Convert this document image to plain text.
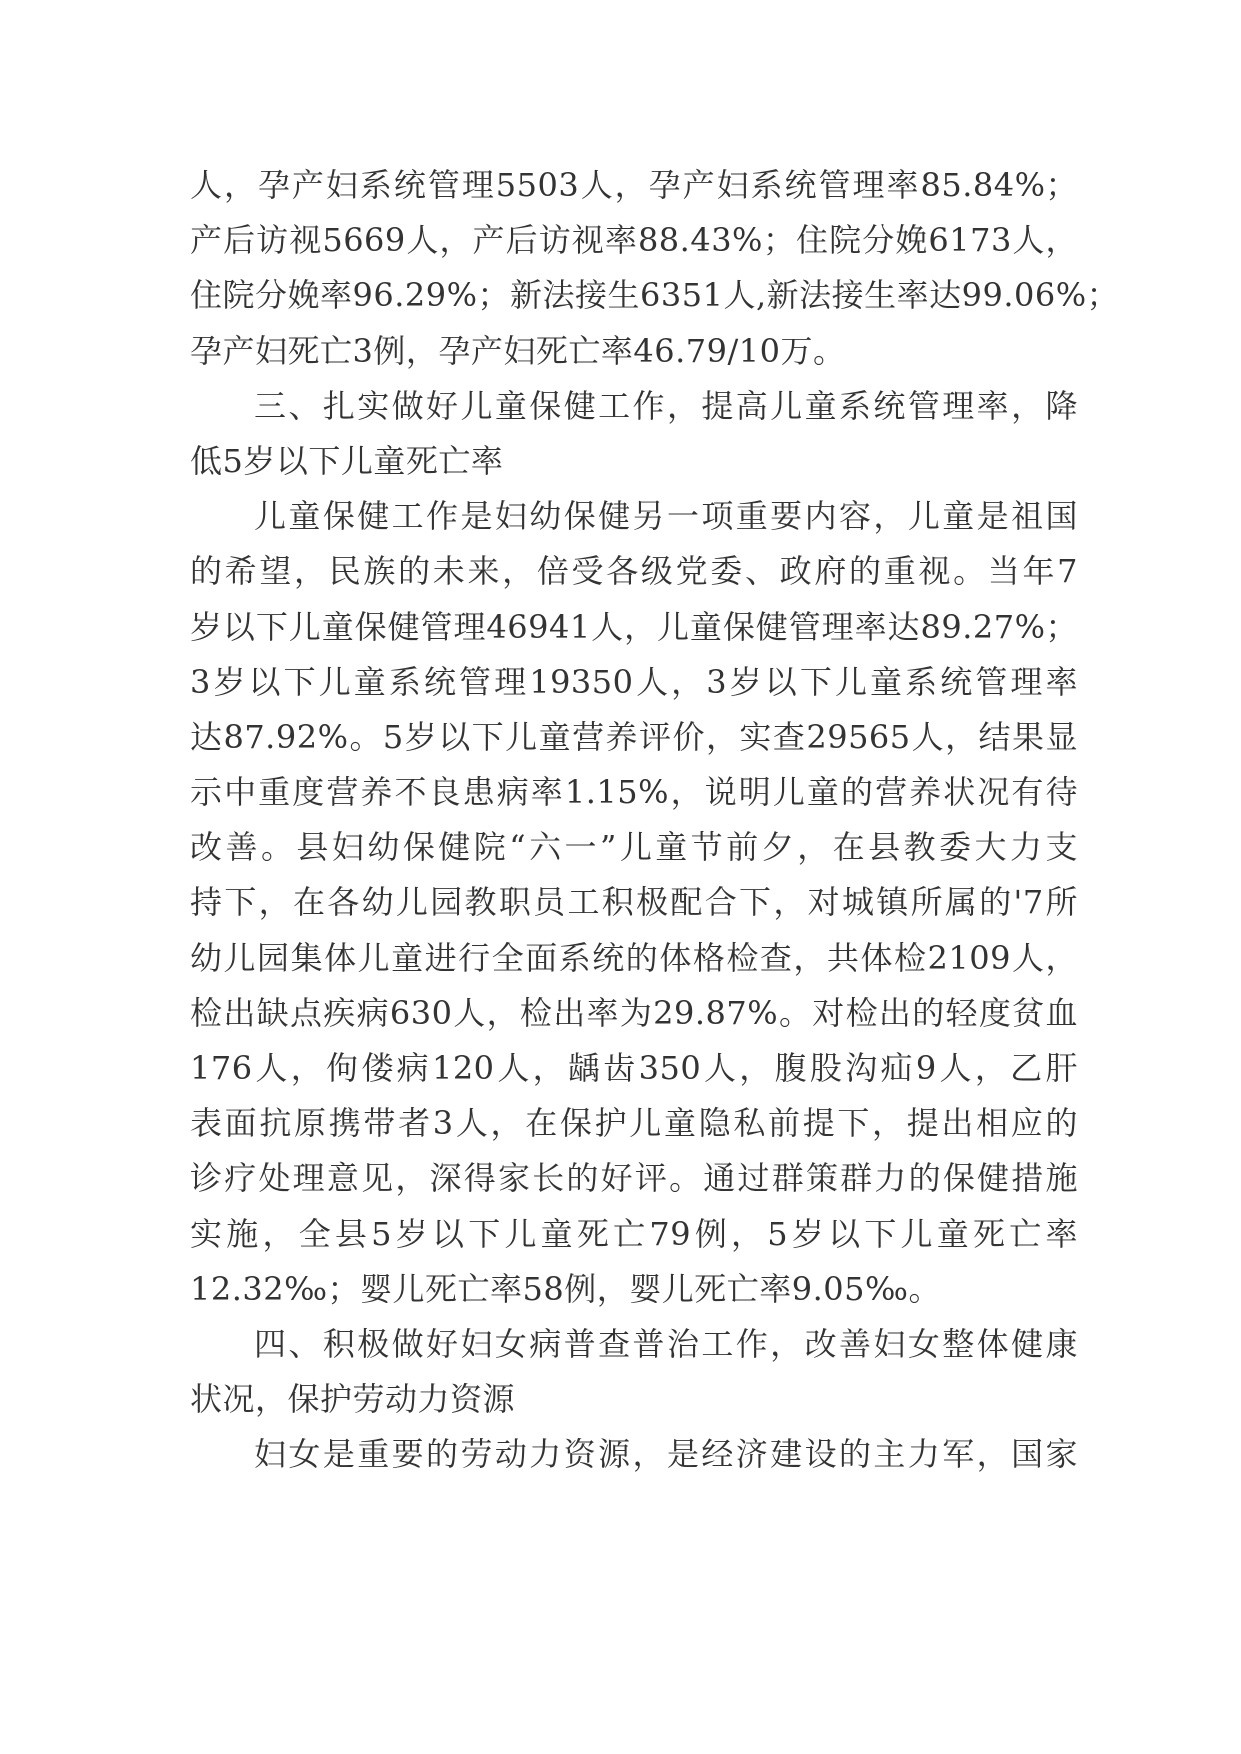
人，孕产妇系统管理5503人，孕产妇系统管理率85.84%；
产后访视5669人，产后访视率88.43%；住院分娩6173人，
住院分娩率96.29%；新法接生6351人,新法接生率达99.06%；
孕产妇死亡3例，孕产妇死亡率46.79/10万。
三、扎实做好儿童保健工作，提高儿童系统管理率，降
低5岁以下儿童死亡率
儿童保健工作是妇幼保健另一项重要内容，儿童是祖国
的希望，民族的未来，倍受各级党委、政府的重视。当年7
岁以下儿童保健管理46941人，儿童保健管理率达89.27%；
3岁以下儿童系统管理19350人，3岁以下儿童系统管理率
达87.92%。5岁以下儿童营养评价，实查29565人，结果显
示中重度营养不良患病率1.15%，说明儿童的营养状况有待
改善。县妇幼保健院“六一”儿童节前夕，在县教委大力支
持下，在各幼儿园教职员工积极配合下，对城镇所属的'7所
幼儿园集体儿童进行全面系统的体格检查，共体检2109人，
检出缺点疾病630人，检出率为29.87%。对检出的轻度贫血
176人，佝偻病120人，龋齿350人，腹股沟疝9人，乙肝
表面抗原携带者3人，在保护儿童隐私前提下，提出相应的
诊疗处理意见，深得家长的好评。通过群策群力的保健措施
实施，全县5岁以下儿童死亡79例，5岁以下儿童死亡率
12.32‰；婴儿死亡率58例，婴儿死亡率9.05‰。
四、积极做好妇女病普查普治工作，改善妇女整体健康
状况，保护劳动力资源
妇女是重要的劳动力资源，是经济建设的主力军，国家
